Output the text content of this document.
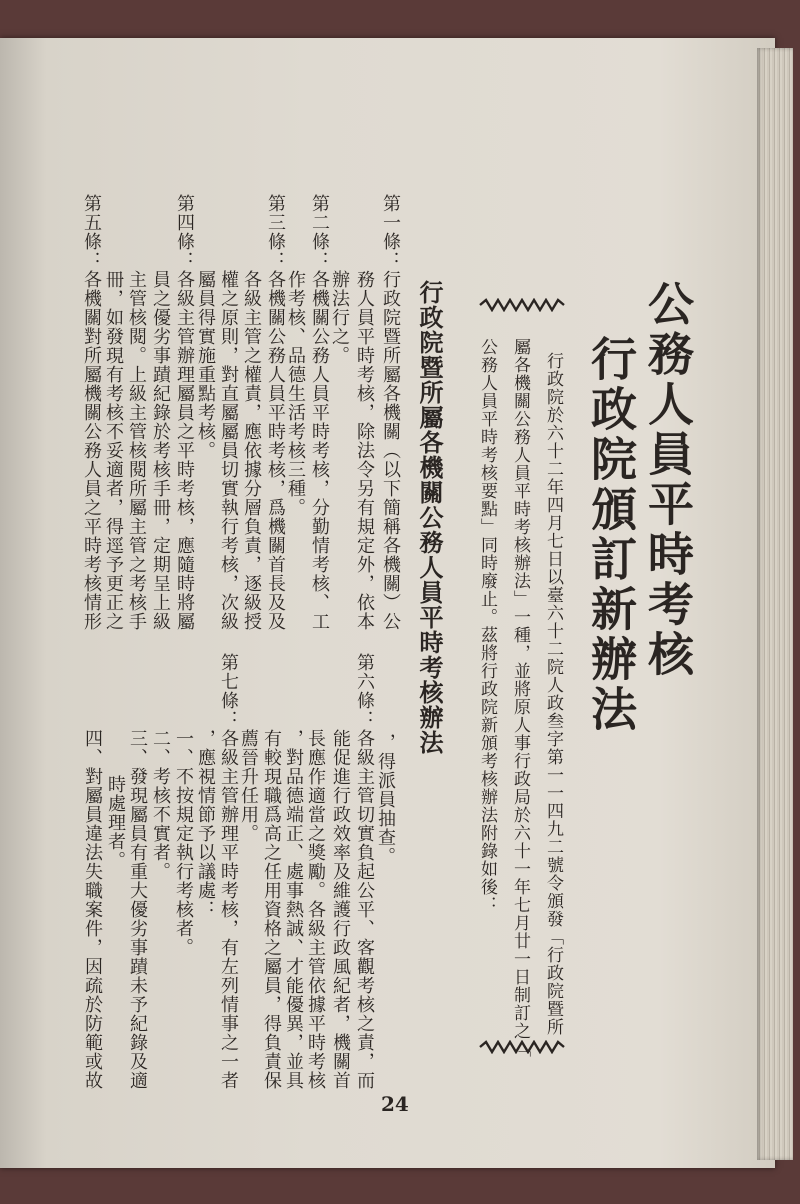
公務人員平時考核
行政院頒訂新辦法
行政院於六十二年四月七日以臺六十二院人政叁字第一一四九二號令頒發「行政院暨所
屬各機關公務人員平時考核辦法」一種，並將原人事行政局於六十一年七月廿一日制訂之「
公務人員平時考核要點」同時廢止。茲將行政院新頒考核辦法附錄如後：
行政院暨所屬各機關公務人員平時考核辦法
第一條：行政院暨所屬各機關（以下簡稱各機關）公
務人員平時考核，除法令另有規定外，依本
辦法行之。
第二條：各機關公務人員平時考核，分勤情考核、工
作考核、品德生活考核三種。
第三條：各機關公務人員平時考核，爲機關首長及及
各級主管之權責，應依據分層負責，逐級授
權之原則，對直屬屬員切實執行考核，次級
屬員得實施重點考核。
第四條：各級主管辦理屬員之平時考核，應隨時將屬
員之優劣事蹟紀錄於考核手冊，定期呈上級
主管核閱。上級主管核閱所屬主管之考核手
冊，如發現有考核不妥適者，得逕予更正之
第五條：各機關對所屬機關公務人員之平時考核情形
，得派員抽查。
第六條：各級主管切實負起公平、客觀考核之責，而
能促進行政效率及維護行政風紀者，機關首
長應作適當之獎勵。各級主管依據平時考核
，對品德端正、處事熱誠、才能優異，並具
有較現職爲高之任用資格之屬員，得負責保
薦晉升任用。
第七條：各級主管辦理平時考核，有左列情事之一者
，應視情節予以議處：
一、不按規定執行考核者。
二、考核不實者。
三、發現屬員有重大優劣事蹟未予紀錄及適
時處理者。
四、對屬員違法失職案件，因疏於防範或故
24
